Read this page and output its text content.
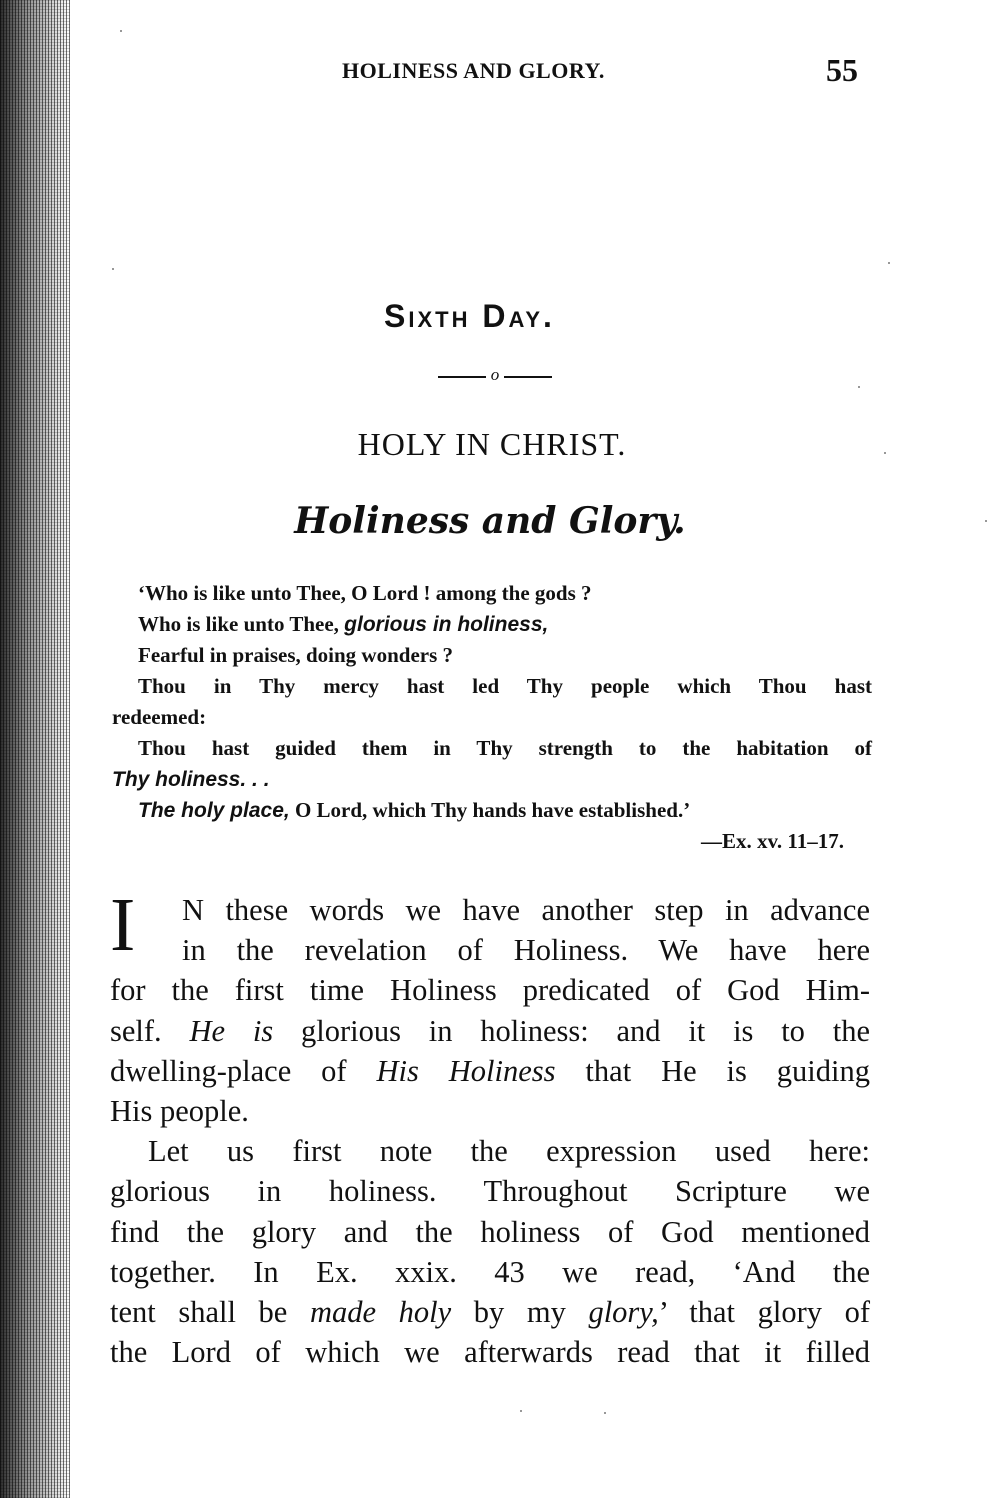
HOLINESS AND GLORY.	55
Sixth Day.
o
HOLY IN CHRIST.
Holiness and Glory.
‘Who is like unto Thee, O Lord ! among the gods ?
Who is like unto Thee, glorious in holiness,
Fearful in praises, doing wonders ?
Thou in Thy mercy hast led Thy people which Thou hast
redeemed:
Thou hast guided them in Thy strength to the habitation of
Thy holiness. . .
The holy place, O Lord, which Thy hands have established.’
—Ex. xv. 11–17.
I	N these words we have another step in advance
in the revelation of Holiness. We have here
for the first time Holiness predicated of God Him-
self. He is glorious in holiness: and it is to the
dwelling-place of His Holiness that He is guiding
His people.
Let us first note the expression used here:
glorious in holiness. Throughout Scripture we
find the glory and the holiness of God mentioned
together. In Ex. xxix. 43 we read, ‘And the
tent shall be made holy by my glory,’ that glory of
the Lord of which we afterwards read that it filled
